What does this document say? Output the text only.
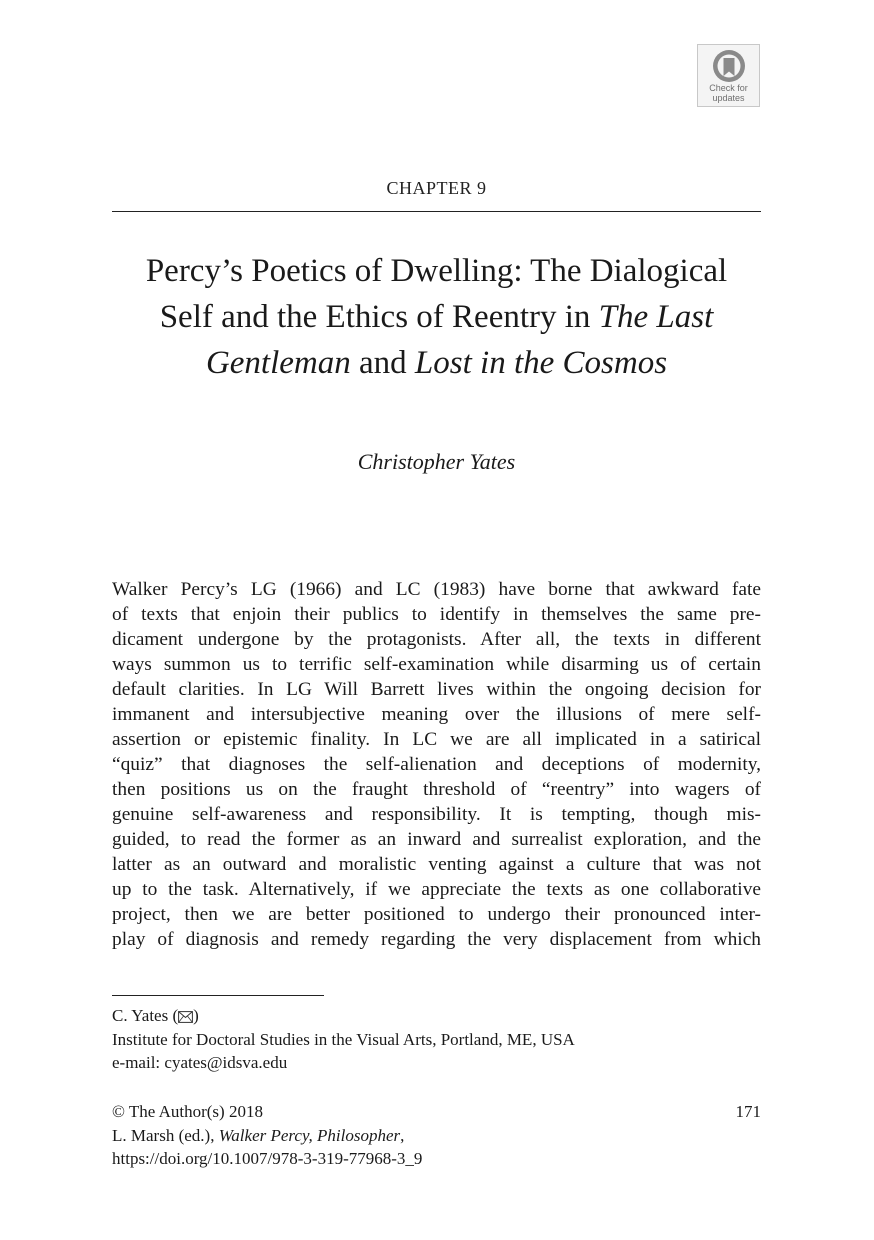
Check for
updates
CHAPTER 9
Percy’s Poetics of Dwelling: The Dialogical
Self and the Ethics of Reentry in The Last
Gentleman and Lost in the Cosmos
Christopher Yates
Walker Percy’s LG (1966) and LC (1983) have borne that awkward fate
of texts that enjoin their publics to identify in themselves the same pre-
dicament undergone by the protagonists. After all, the texts in different
ways summon us to terrific self-examination while disarming us of certain
default clarities. In LG Will Barrett lives within the ongoing decision for
immanent and intersubjective meaning over the illusions of mere self-
assertion or epistemic finality. In LC we are all implicated in a satirical
“quiz” that diagnoses the self-alienation and deceptions of modernity,
then positions us on the fraught threshold of “reentry” into wagers of
genuine self-awareness and responsibility. It is tempting, though mis-
guided, to read the former as an inward and surrealist exploration, and the
latter as an outward and moralistic venting against a culture that was not
up to the task. Alternatively, if we appreciate the texts as one collaborative
project, then we are better positioned to undergo their pronounced inter-
play of diagnosis and remedy regarding the very displacement from which
C. Yates ( )
Institute for Doctoral Studies in the Visual Arts, Portland, ME, USA
e-mail: cyates@idsva.edu
© The Author(s) 2018
L. Marsh (ed.), Walker Percy, Philosopher,
https://doi.org/10.1007/978-3-319-77968-3_9
171
